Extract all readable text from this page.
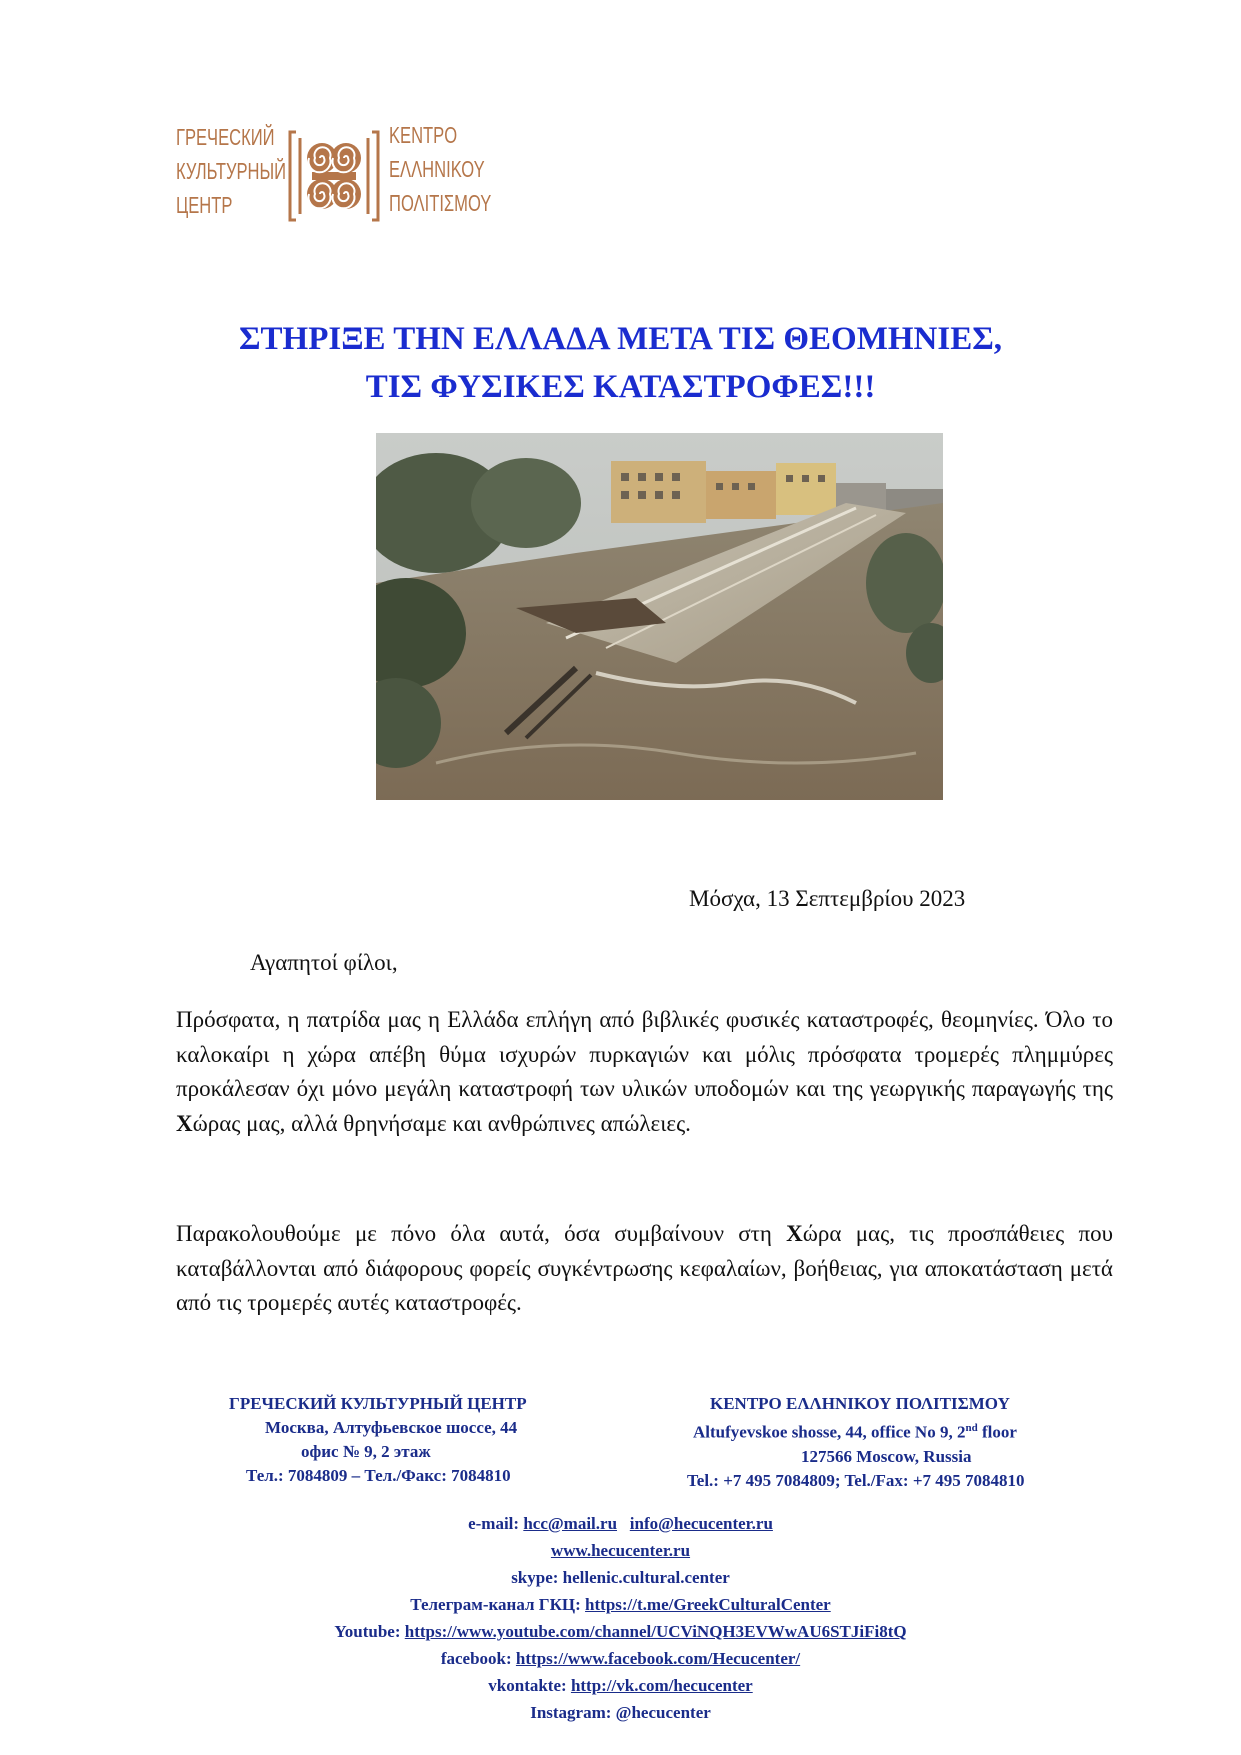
ГРЕЧЕСКИЙ
КУЛЬТУРНЫЙ
ЦЕНТР
ΚΕΝΤΡΟ
ΕΛΛΗΝΙΚΟΥ
ΠΟΛΙΤΙΣΜΟΥ
ΣΤΗΡΙΞΕ ΤΗΝ ΕΛΛΑΔΑ ΜΕΤΑ ΤΙΣ ΘΕΟΜΗΝΙΕΣ,
ΤΙΣ ΦΥΣΙΚΕΣ ΚΑΤΑΣΤΡΟΦΕΣ!!!
Μόσχα, 13 Σεπτεμβρίου 2023
Αγαπητοί φίλοι,
Πρόσφατα, η πατρίδα μας η Ελλάδα επλήγη από βιβλικές φυσικές καταστροφές, θεομηνίες. Όλο το καλοκαίρι η χώρα απέβη θύμα ισχυρών πυρκαγιών και μόλις πρόσφατα τρομερές πλημμύρες προκάλεσαν όχι μόνο μεγάλη καταστροφή των υλικών υποδομών και της γεωργικής παραγωγής της Χώρας μας, αλλά θρηνήσαμε και ανθρώπινες απώλειες.
Παρακολουθούμε με πόνο όλα αυτά, όσα συμβαίνουν στη Χώρα μας, τις προσπάθειες που καταβάλλονται από διάφορους φορείς συγκέντρωσης κεφαλαίων, βοήθειας, για αποκατάσταση μετά από τις τρομερές αυτές καταστροφές.
ГРЕЧЕСКИЙ КУЛЬТУРНЫЙ ЦЕНТР
Москва, Алтуфьевское шоссе, 44
офис № 9, 2 этаж
Тел.: 7084809 – Тел./Факс: 7084810
ΚΕΝΤΡΟ ΕΛΛΗΝΙΚΟΥ ΠΟΛΙΤΙΣΜΟΥ
Altufyevskoe shosse, 44, office No 9, 2nd floor
127566 Moscow, Russia
Tel.: +7 495 7084809; Tel./Fax: +7 495 7084810
e-mail: hcc@mail.ru info@hecucenter.ru
www.hecucenter.ru
skype: hellenic.cultural.center
Телеграм-канал ГКЦ: https://t.me/GreekCulturalCenter
Youtube: https://www.youtube.com/channel/UCViNQH3EVWwAU6STJiFi8tQ
facebook: https://www.facebook.com/Hecucenter/
vkontakte: http://vk.com/hecucenter
Instagram: @hecucenter
